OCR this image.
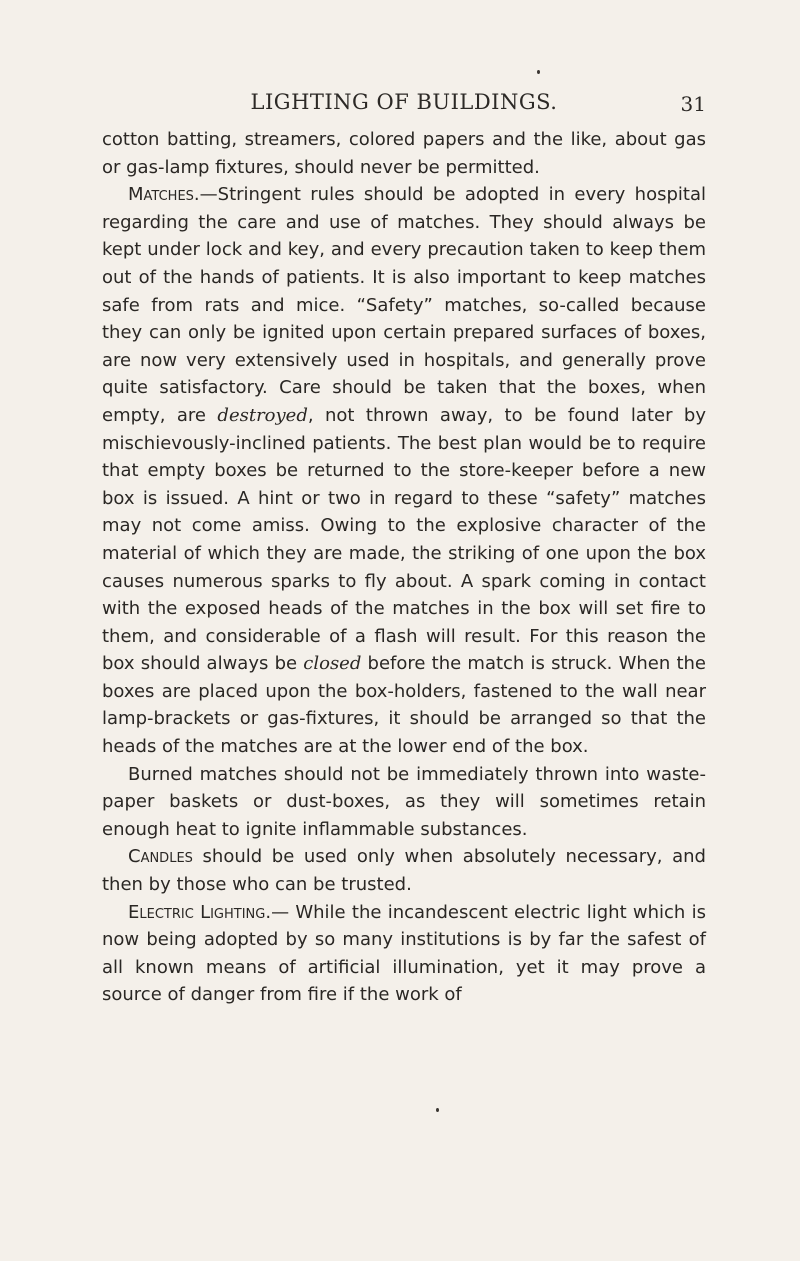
LIGHTING OF BUILDINGS.	31

cotton batting, streamers, colored papers and the like, about gas or gas-lamp fixtures, should never be permitted.

Matches.—Stringent rules should be adopted in every hospital regarding the care and use of matches. They should always be kept under lock and key, and every precaution taken to keep them out of the hands of patients. It is also important to keep matches safe from rats and mice. “Safety” matches, so-called because they can only be ignited upon certain prepared surfaces of boxes, are now very extensively used in hospitals, and generally prove quite satisfactory. Care should be taken that the boxes, when empty, are destroyed, not thrown away, to be found later by mischievously-inclined patients. The best plan would be to require that empty boxes be returned to the store-keeper before a new box is issued. A hint or two in regard to these “safety” matches may not come amiss. Owing to the explosive character of the material of which they are made, the striking of one upon the box causes numerous sparks to fly about. A spark coming in contact with the exposed heads of the matches in the box will set fire to them, and considerable of a flash will result. For this reason the box should always be closed before the match is struck. When the boxes are placed upon the box-holders, fastened to the wall near lamp-brackets or gas-fixtures, it should be arranged so that the heads of the matches are at the lower end of the box.

Burned matches should not be immediately thrown into waste-paper baskets or dust-boxes, as they will sometimes retain enough heat to ignite inflammable substances.

Candles should be used only when absolutely necessary, and then by those who can be trusted.

Electric Lighting.— While the incandescent electric light which is now being adopted by so many institutions is by far the safest of all known means of artificial illumination, yet it may prove a source of danger from fire if the work of
